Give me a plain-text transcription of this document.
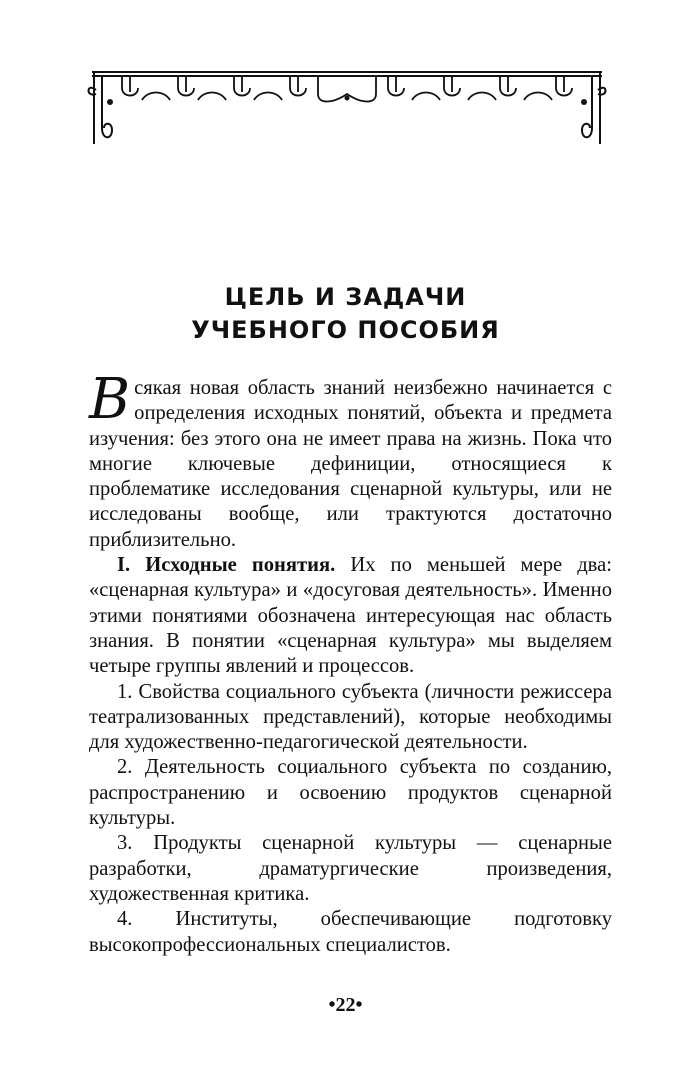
ЦЕЛЬ И ЗАДАЧИ
УЧЕБНОГО ПОСОБИЯ

Всякая новая область знаний неизбежно начинается с определения исходных понятий, объекта и предмета изучения: без этого она не имеет права на жизнь. Пока что многие ключевые дефиниции, относящиеся к проблематике исследования сценарной культуры, или не исследованы вообще, или трактуются достаточно приблизительно.

I. Исходные понятия. Их по меньшей мере два: «сценарная культура» и «досуговая деятельность». Именно этими понятиями обозначена интересующая нас область знания. В понятии «сценарная культура» мы выделяем четыре группы явлений и процессов.

1. Свойства социального субъекта (личности режиссера театрализованных представлений), которые необходимы для художественно-педагогической деятельности.

2. Деятельность социального субъекта по созданию, распространению и освоению продуктов сценарной культуры.

3. Продукты сценарной культуры — сценарные разработки, драматургические произведения, художественная критика.

4. Институты, обеспечивающие подготовку высокопрофессиональных специалистов.

•22•
